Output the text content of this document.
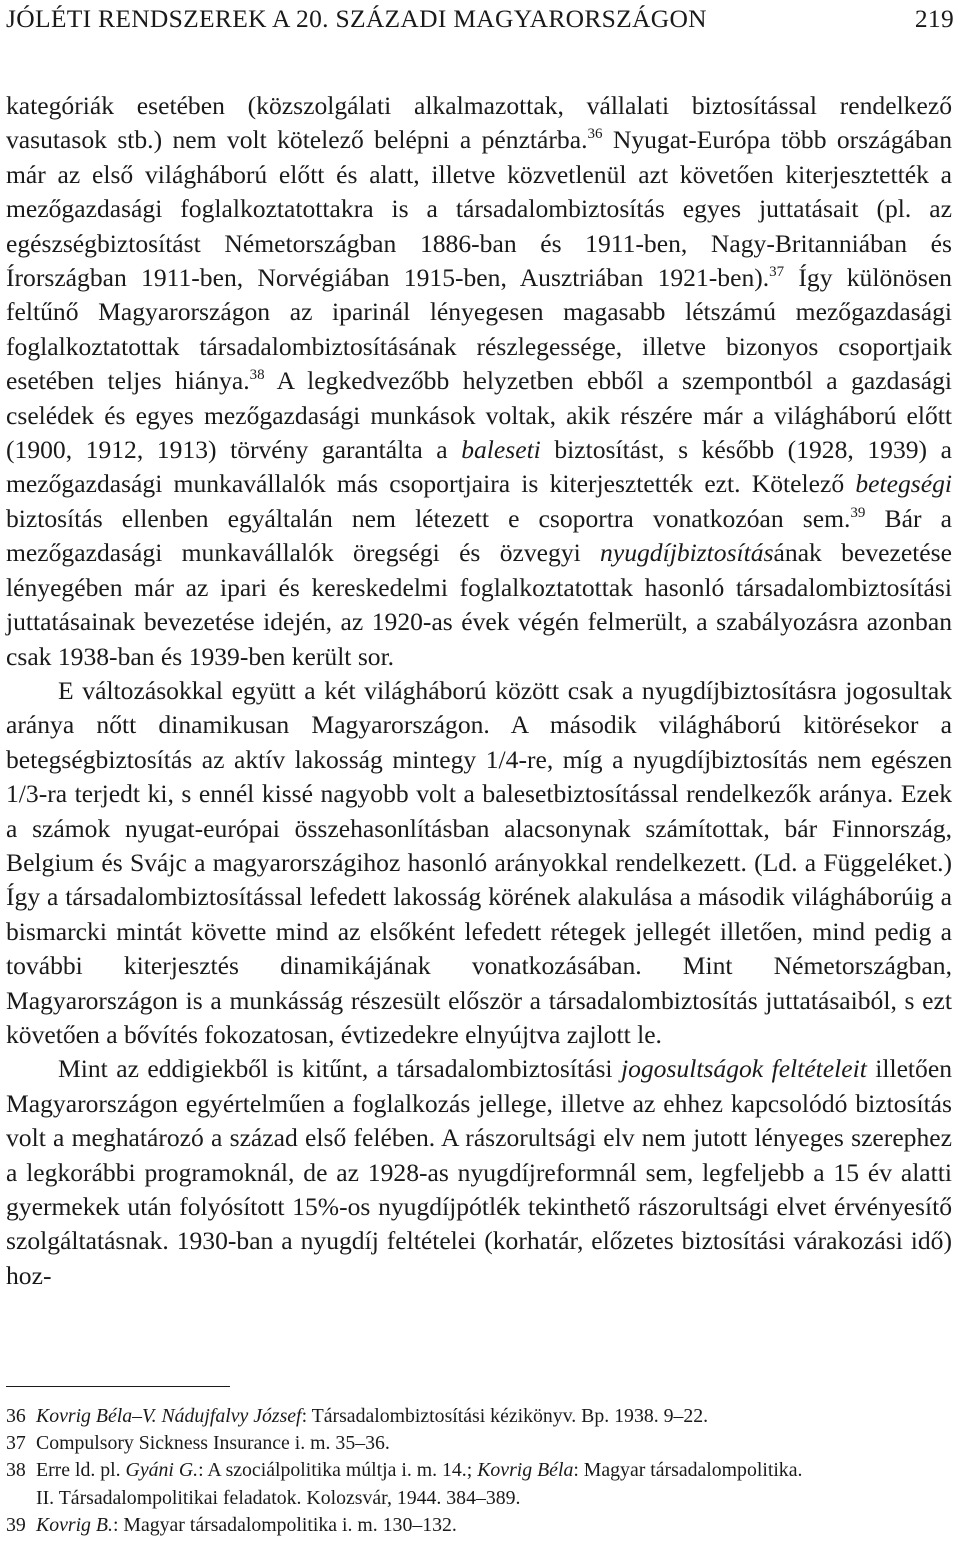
JÓLÉTI RENDSZEREK A 20. SZÁZADI MAGYARORSZÁGON	219

kategóriák esetében (közszolgálati alkalmazottak, vállalati biztosítással rendelkező vasutasok stb.) nem volt kötelező belépni a pénztárba.$^{36}$ Nyugat-Európa több országában már az első világháború előtt és alatt, illetve közvetlenül azt követően kiterjesztették a mezőgazdasági foglalkoztatottakra is a társadalombiztosítás egyes juttatásait (pl. az egészségbiztosítást Németországban 1886-ban és 1911-ben, Nagy-Britanniában és Írországban 1911-ben, Norvégiában 1915-ben, Ausztriában 1921-ben).$^{37}$ Így különösen feltűnő Magyarországon az iparinál lényegesen magasabb létszámú mezőgazdasági foglalkoztatottak társadalombiztosításának részlegessége, illetve bizonyos csoportjaik esetében teljes hiánya.$^{38}$ A legkedvezőbb helyzetben ebből a szempontból a gazdasági cselédek és egyes mezőgazdasági munkások voltak, akik részére már a világháború előtt (1900, 1912, 1913) törvény garantálta a baleseti biztosítást, s később (1928, 1939) a mezőgazdasági munkavállalók más csoportjaira is kiterjesztették ezt. Kötelező betegségi biztosítás ellenben egyáltalán nem létezett e csoportra vonatkozóan sem.$^{39}$ Bár a mezőgazdasági munkavállalók öregségi és özvegyi nyugdíjbiztosításának bevezetése lényegében már az ipari és kereskedelmi foglalkoztatottak hasonló társadalombiztosítási juttatásainak bevezetése idején, az 1920-as évek végén felmerült, a szabályozásra azonban csak 1938-ban és 1939-ben került sor.

E változásokkal együtt a két világháború között csak a nyugdíjbiztosításra jogosultak aránya nőtt dinamikusan Magyarországon. A második világháború kitörésekor a betegségbiztosítás az aktív lakosság mintegy 1/4-re, míg a nyugdíjbiztosítás nem egészen 1/3-ra terjedt ki, s ennél kissé nagyobb volt a balesetbiztosítással rendelkezők aránya. Ezek a számok nyugat-európai összehasonlításban alacsonynak számítottak, bár Finnország, Belgium és Svájc a magyarországihoz hasonló arányokkal rendelkezett. (Ld. a Függeléket.) Így a társadalombiztosítással lefedett lakosság körének alakulása a második világháborúig a bismarcki mintát követte mind az elsőként lefedett rétegek jellegét illetően, mind pedig a további kiterjesztés dinamikájának vonatkozásában. Mint Németországban, Magyarországon is a munkásság részesült először a társadalombiztosítás juttatásaiból, s ezt követően a bővítés fokozatosan, évtizedekre elnyújtva zajlott le.

Mint az eddigiekből is kitűnt, a társadalombiztosítási jogosultságok feltételeit illetően Magyarországon egyértelműen a foglalkozás jellege, illetve az ehhez kapcsolódó biztosítás volt a meghatározó a század első felében. A rászorultsági elv nem jutott lényeges szerephez a legkorábbi programoknál, de az 1928-as nyugdíjreformnál sem, legfeljebb a 15 év alatti gyermekek után folyósított 15%-os nyugdíjpótlék tekinthető rászorultsági elvet érvényesítő szolgáltatásnak. 1930-ban a nyugdíj feltételei (korhatár, előzetes biztosítási várakozási idő) hoz-

36 Kovrig Béla–V. Nádujfalvy József: Társadalombiztosítási kézikönyv. Bp. 1938. 9–22.

37 Compulsory Sickness Insurance i. m. 35–36.

38 Erre ld. pl. Gyáni G.: A szociálpolitika múltja i. m. 14.; Kovrig Béla: Magyar társadalompolitika.
II. Társadalompolitikai feladatok. Kolozsvár, 1944. 384–389.

39 Kovrig B.: Magyar társadalompolitika i. m. 130–132.
